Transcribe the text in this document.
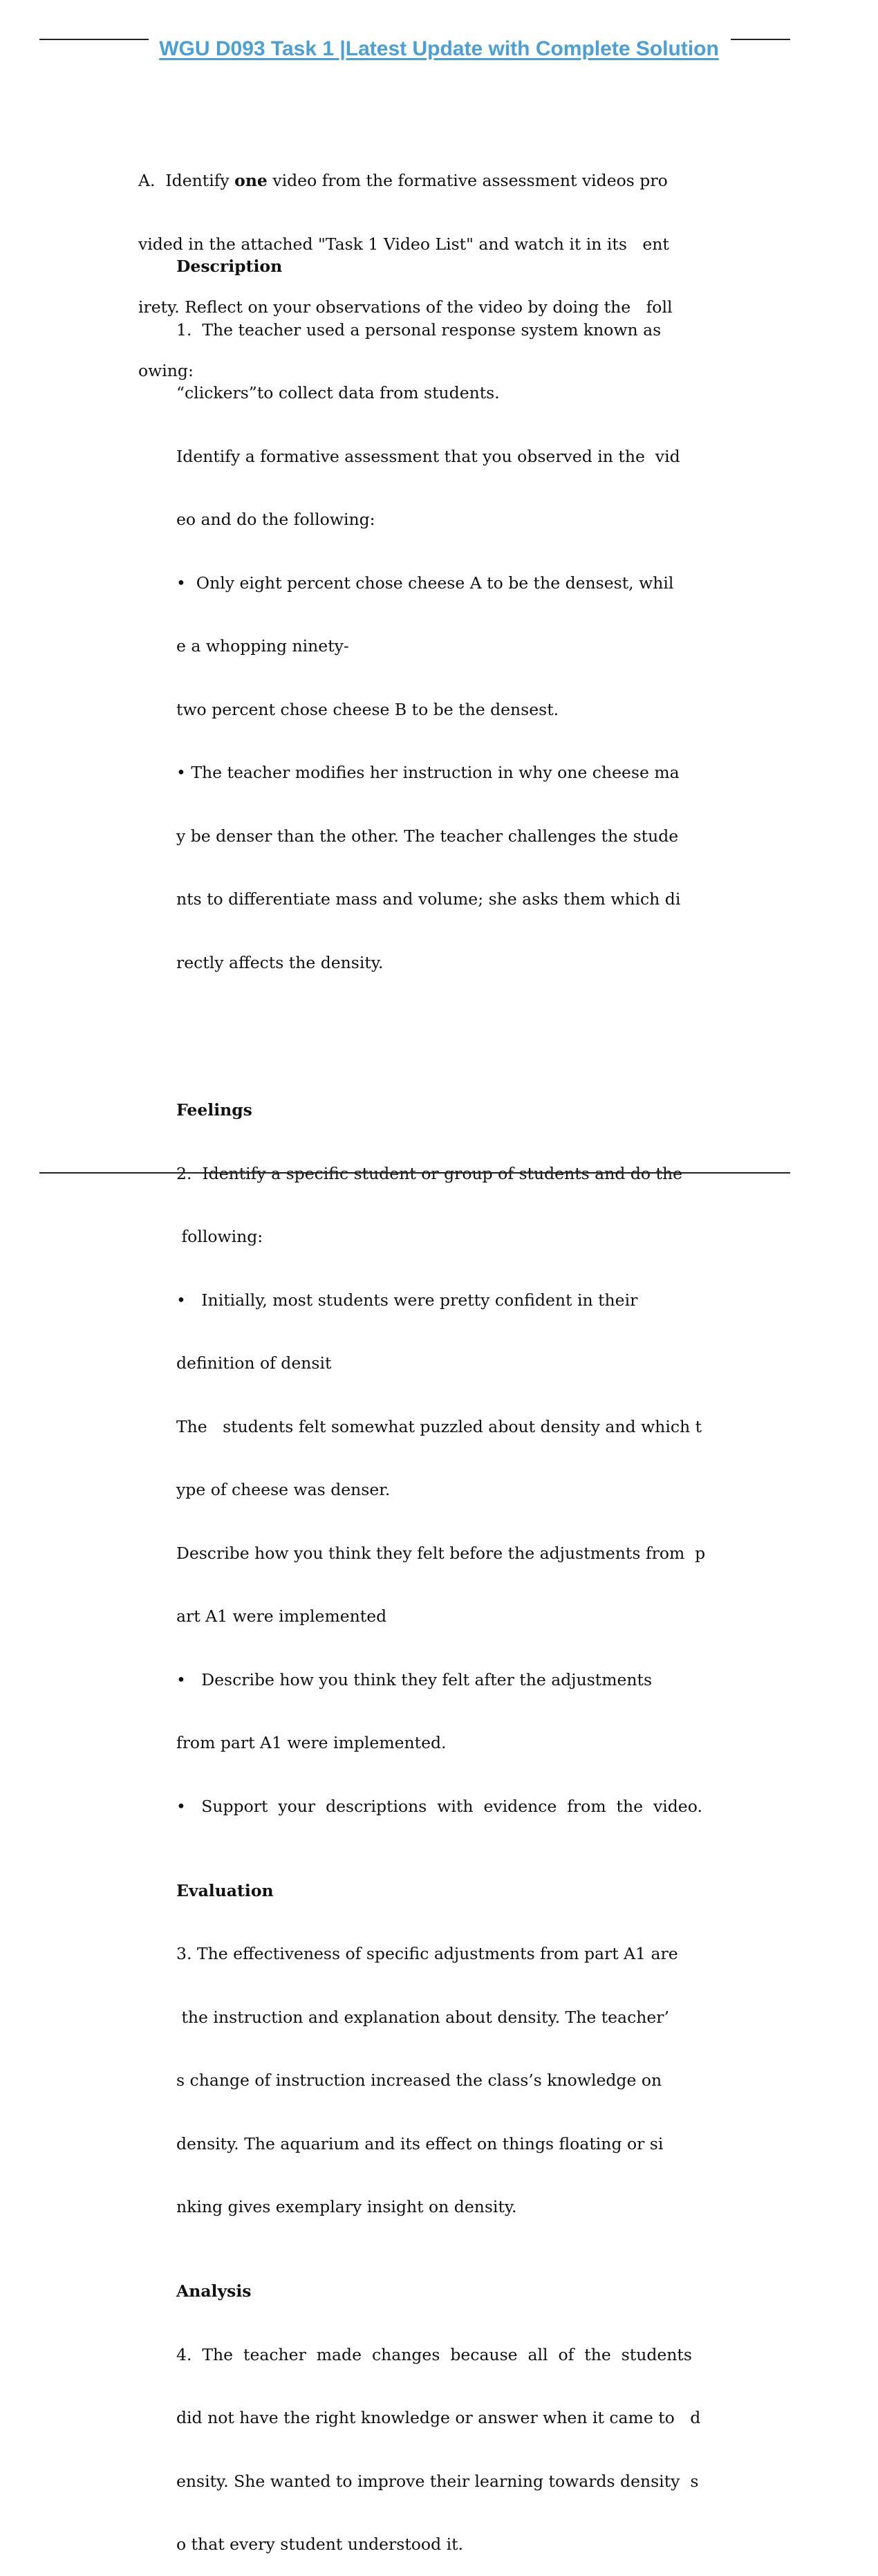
WGU D093 Task 1 |Latest Update with Complete Solution

A.  Identify one video from the formative assessment videos pro

vided in the attached "Task 1 Video List" and watch it in its   ent

irety. Reflect on your observations of the video by doing the   foll

owing:

Description

1.  The teacher used a personal response system known as

“clickers”to collect data from students.

Identify a formative assessment that you observed in the  vid

eo and do the following:

•  Only eight percent chose cheese A to be the densest, whil

e a whopping ninety-

two percent chose cheese B to be the densest.

• The teacher modifies her instruction in why one cheese ma

y be denser than the other. The teacher challenges the stude

nts to differentiate mass and volume; she asks them which di

rectly affects the density.

Feelings

2.  Identify a specific student or group of students and do the

following:

•   Initially, most students were pretty confident in their

definition of densit

The   students felt somewhat puzzled about density and which t

ype of cheese was denser.

Describe how you think they felt before the adjustments from  p

art A1 were implemented

•   Describe how you think they felt after the adjustments

from part A1 were implemented.

•   Support  your  descriptions  with  evidence  from  the  video.

Evaluation

3. The effectiveness of specific adjustments from part A1 are

the instruction and explanation about density. The teacher’

s change of instruction increased the class’s knowledge on

density. The aquarium and its effect on things floating or si

nking gives exemplary insight on density.

Analysis

4.  The  teacher  made  changes  because  all  of  the  students

did not have the right knowledge or answer when it came to   d

ensity. She wanted to improve their learning towards density  s

o that every student understood it.
